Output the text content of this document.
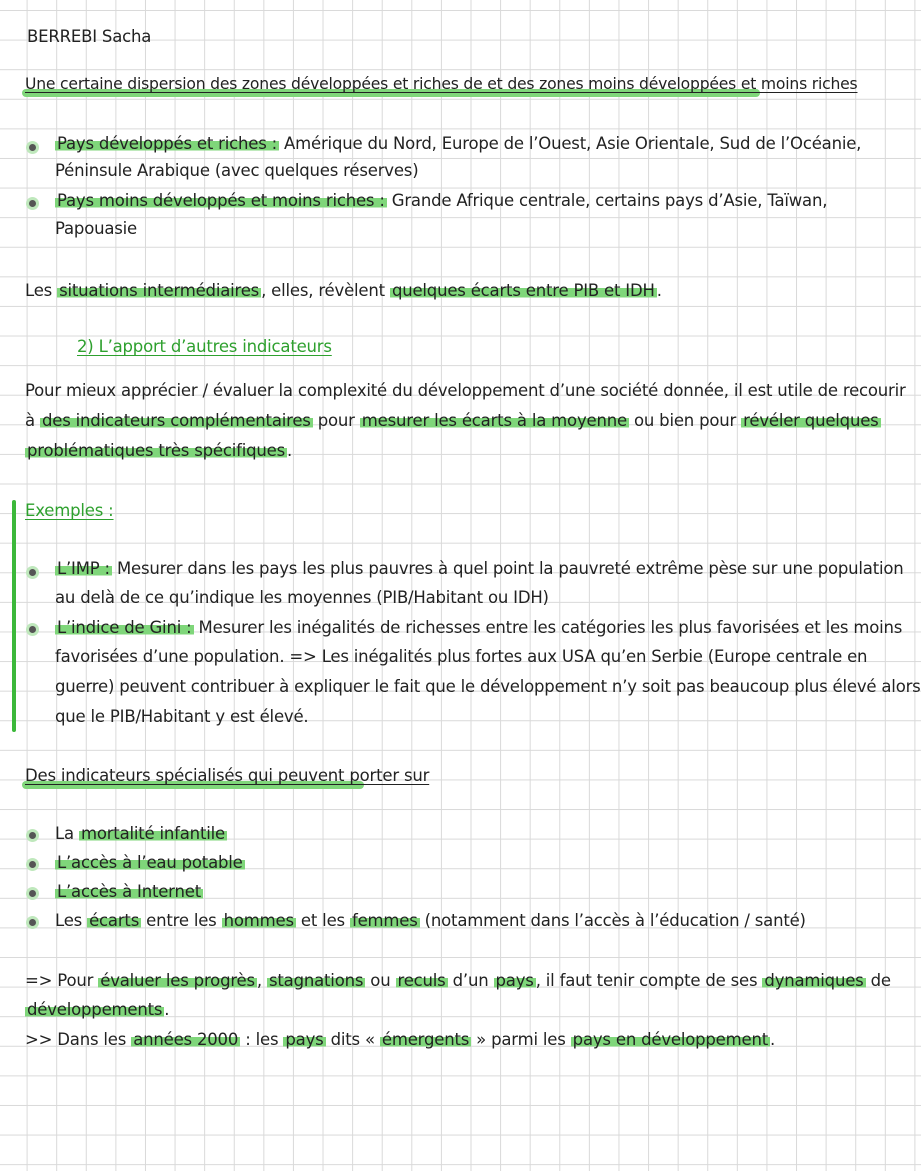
BERREBI Sacha
Une certaine dispersion des zones développées et riches de et des zones moins développées et moins riches
Pays développés et riches : Amérique du Nord, Europe de l’Ouest, Asie Orientale, Sud de l’Océanie,
Péninsule Arabique (avec quelques réserves)
Pays moins développés et moins riches : Grande Afrique centrale, certains pays d’Asie, Taïwan,
Papouasie
Les situations intermédiaires , elles, révèlent quelques écarts entre PIB et IDH .
2) L’apport d’autres indicateurs
Pour mieux apprécier / évaluer la complexité du développement d’une société donnée, il est utile de recourir
à des indicateurs complémentaires pour mesurer les écarts à la moyenne ou bien pour révéler quelques
problématiques très spécifiques .
Exemples :
L’IMP : Mesurer dans les pays les plus pauvres à quel point la pauvreté extrême pèse sur une population
au delà de ce qu’indique les moyennes (PIB/Habitant ou IDH)
L’indice de Gini : Mesurer les inégalités de richesses entre les catégories les plus favorisées et les moins
favorisées d’une population. => Les inégalités plus fortes aux USA qu’en Serbie (Europe centrale en
guerre) peuvent contribuer à expliquer le fait que le développement n’y soit pas beaucoup plus élevé alors
que le PIB/Habitant y est élevé.
Des indicateurs spécialisés qui peuvent porter sur
La mortalité infantile
L’accès à l’eau potable
L’accès à Internet
Les écarts entre les hommes et les femmes (notamment dans l’accès à l’éducation / santé)
=> Pour évaluer les progrès , stagnations ou reculs d’un pays , il faut tenir compte de ses dynamiques de
développements .
>> Dans les années 2000 : les pays dits « émergents » parmi les pays en développement .
